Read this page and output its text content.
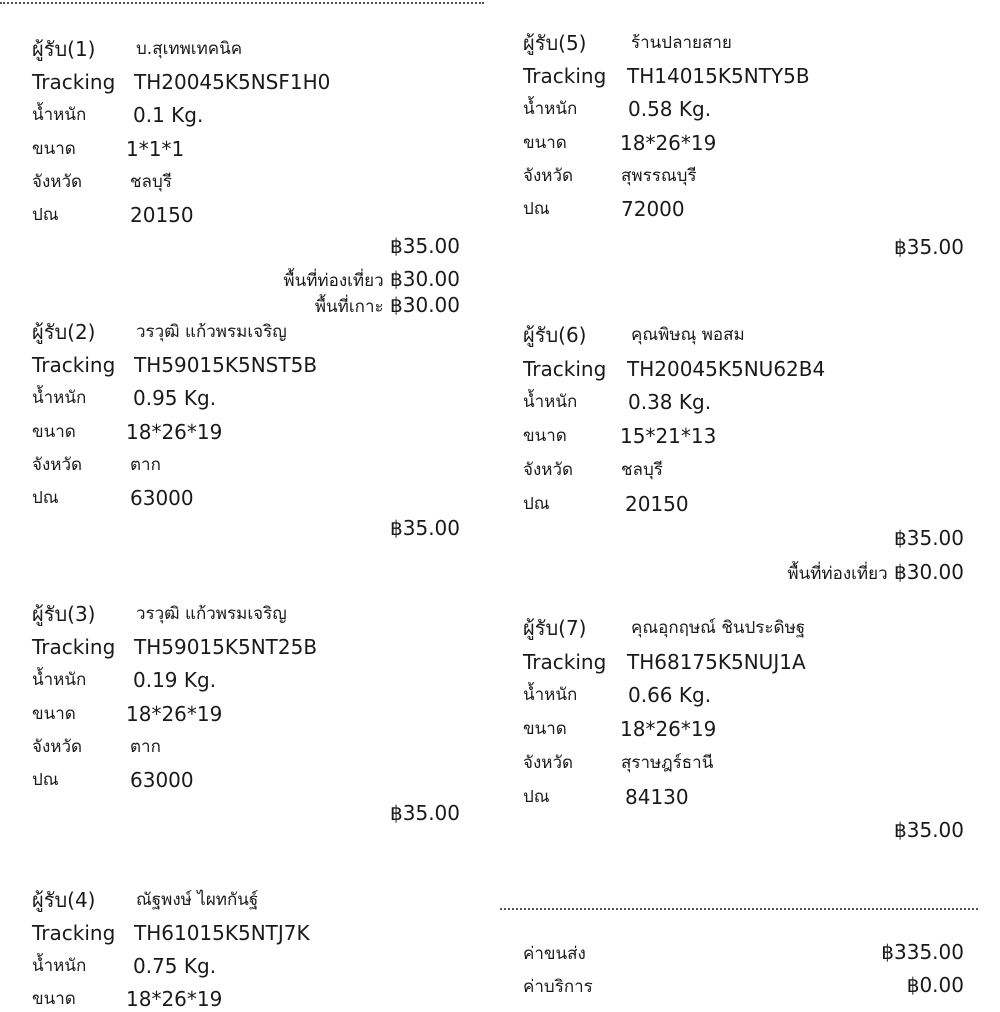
ผู้รับ(1) บ.สุเทพเทคนิค
Tracking TH20045K5NSF1H0
น้ำหนัก 0.1 Kg.
ขนาด	1*1*1
จังหวัด	ชลบุรี
ปณ	20150
฿35.00
พื้นที่ท่องเที่ยว ฿30.00
พื้นที่เกาะ ฿30.00
ผู้รับ(2) วรวุฒิ แก้วพรมเจริญ
Tracking TH59015K5NST5B
น้ำหนัก 0.95 Kg.
ขนาด	18*26*19
จังหวัด	ตาก
ปณ	63000
฿35.00
ผู้รับ(3) วรวุฒิ แก้วพรมเจริญ
Tracking TH59015K5NT25B
น้ำหนัก 0.19 Kg.
ขนาด	18*26*19
จังหวัด	ตาก
ปณ	63000
฿35.00
ผู้รับ(4) ณัฐพงษ์ ไผทกันฐ์
Tracking TH61015K5NTJ7K
น้ำหนัก 0.75 Kg.
ขนาด	18*26*19
ผู้รับ(5)	ร้านปลายสาย
Tracking TH14015K5NTY5B
น้ำหนัก	0.58 Kg.
ขนาด	18*26*19
จังหวัด	สุพรรณบุรี
ปณ	72000
฿35.00
ผู้รับ(6)	คุณพิษณุ พอสม
Tracking TH20045K5NU62B4
น้ำหนัก	0.38 Kg.
ขนาด	15*21*13
จังหวัด	ชลบุรี
ปณ	20150
฿35.00
พื้นที่ท่องเที่ยว ฿30.00
ผู้รับ(7)	คุณอุกฤษณ์ ชินประดิษฐ
Tracking TH68175K5NUJ1A
น้ำหนัก	0.66 Kg.
ขนาด	18*26*19
จังหวัด	สุราษฎร์ธานี
ปณ	84130
฿35.00
ค่าขนส่ง	฿335.00
ค่าบริการ	฿0.00
